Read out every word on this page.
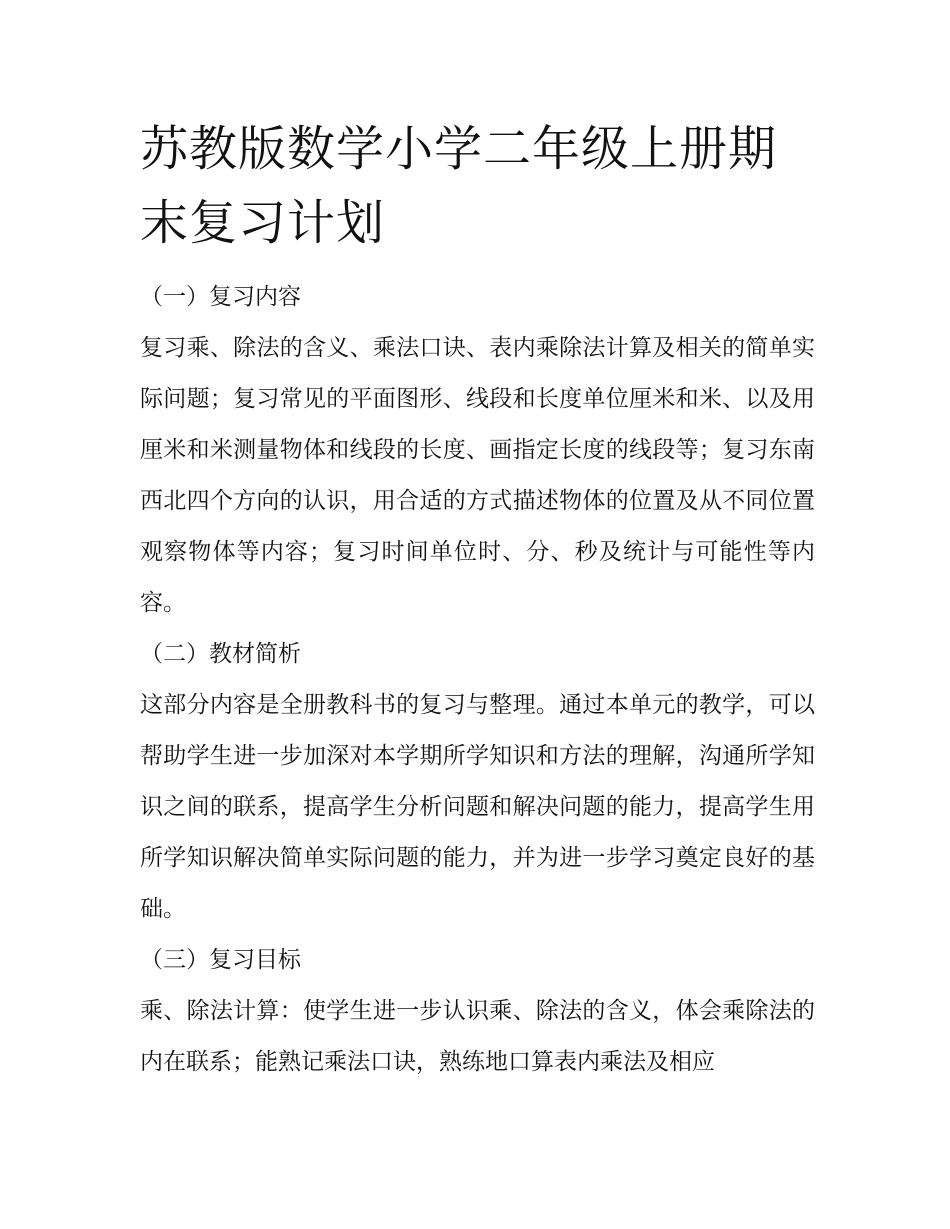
苏教版数学小学二年级上册期末复习计划
（一）复习内容

复习乘、除法的含义、乘法口诀、表内乘除法计算及相关的简单实际问题；复习常见的平面图形、线段和长度单位厘米和米、以及用厘米和米测量物体和线段的长度、画指定长度的线段等；复习东南西北四个方向的认识，用合适的方式描述物体的位置及从不同位置观察物体等内容；复习时间单位时、分、秒及统计与可能性等内容。

（二）教材简析

这部分内容是全册教科书的复习与整理。通过本单元的教学，可以帮助学生进一步加深对本学期所学知识和方法的理解，沟通所学知识之间的联系，提高学生分析问题和解决问题的能力，提高学生用所学知识解决简单实际问题的能力，并为进一步学习奠定良好的基础。

（三）复习目标

乘、除法计算：使学生进一步认识乘、除法的含义，体会乘除法的内在联系；能熟记乘法口诀，熟练地口算表内乘法及相应
